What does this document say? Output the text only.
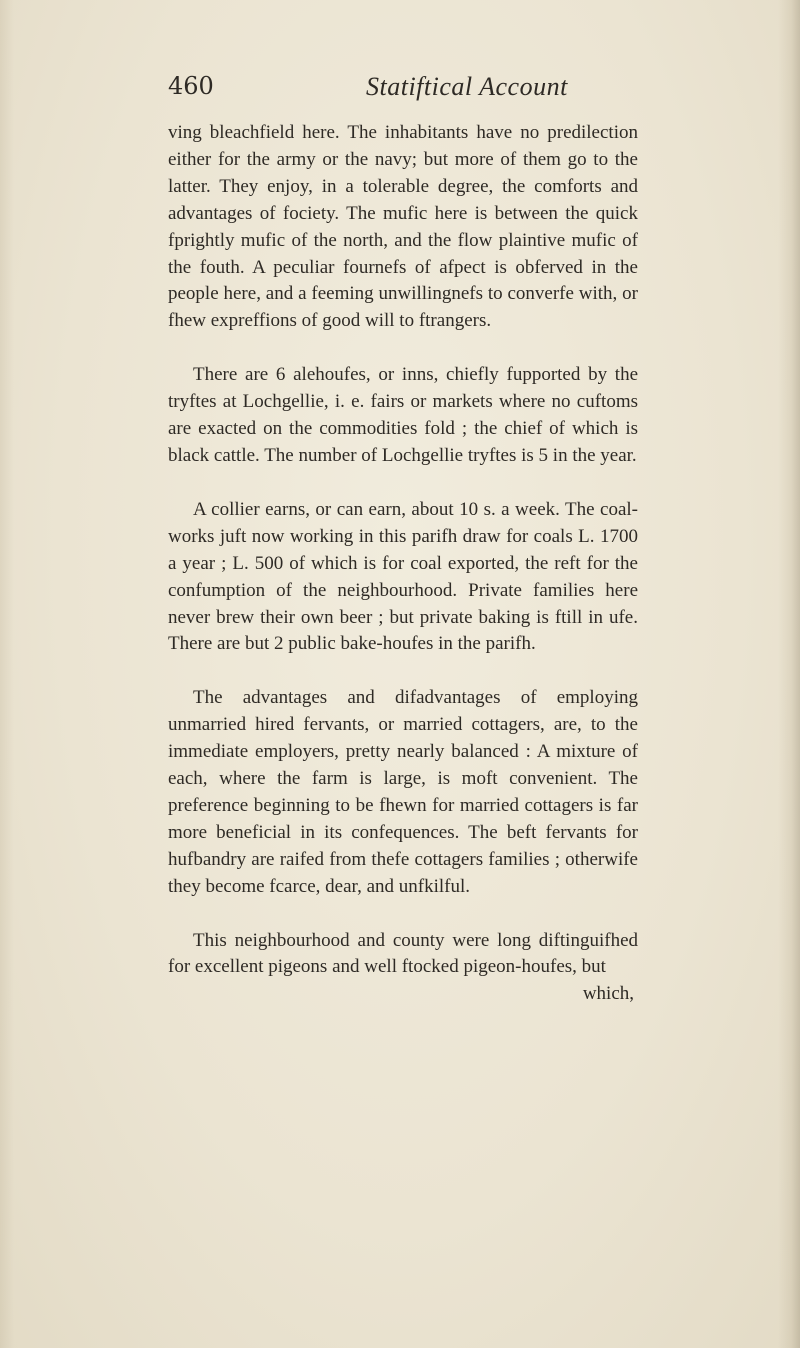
460	Statiftical Account

ving bleachfield here. The inhabitants have no predilection either for the army or the navy; but more of them go to the latter. They enjoy, in a tolerable degree, the comforts and advantages of fociety. The mufic here is between the quick fprightly mufic of the north, and the flow plaintive mufic of the fouth. A peculiar fournefs of afpect is obferved in the people here, and a feeming unwillingnefs to converfe with, or fhew expreffions of good will to ftrangers.

There are 6 alehoufes, or inns, chiefly fupported by the tryftes at Lochgellie, i. e. fairs or markets where no cuftoms are exacted on the commodities fold ; the chief of which is black cattle. The number of Lochgellie tryftes is 5 in the year.

A collier earns, or can earn, about 10 s. a week. The coal-works juft now working in this parifh draw for coals L. 1700 a year ; L. 500 of which is for coal exported, the reft for the confumption of the neighbourhood. Private families here never brew their own beer ; but private baking is ftill in ufe. There are but 2 public bake-houfes in the parifh.

The advantages and difadvantages of employing unmarried hired fervants, or married cottagers, are, to the immediate employers, pretty nearly balanced : A mixture of each, where the farm is large, is moft convenient. The preference beginning to be fhewn for married cottagers is far more beneficial in its confequences. The beft fervants for hufbandry are raifed from thefe cottagers families ; otherwife they become fcarce, dear, and unfkilful.

This neighbourhood and county were long diftinguifhed for excellent pigeons and well ftocked pigeon-houfes, but

which,
